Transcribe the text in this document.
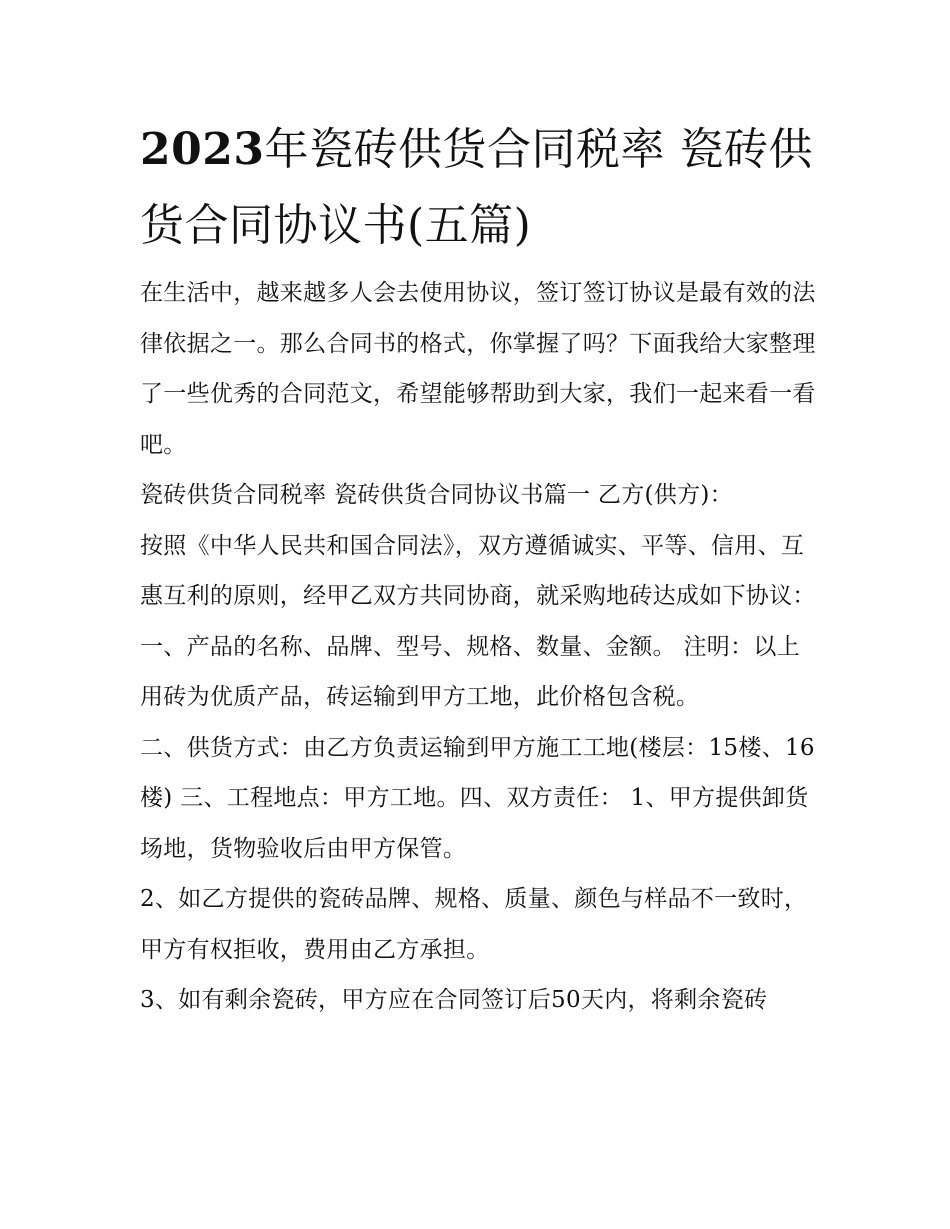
2023年瓷砖供货合同税率 瓷砖供货合同协议书(五篇)

在生活中，越来越多人会去使用协议，签订签订协议是最有效的法律依据之一。那么合同书的格式，你掌握了吗？下面我给大家整理了一些优秀的合同范文，希望能够帮助到大家，我们一起来看一看吧。

瓷砖供货合同税率 瓷砖供货合同协议书篇一 乙方(供方)：

按照《中华人民共和国合同法》，双方遵循诚实、平等、信用、互惠互利的原则，经甲乙双方共同协商，就采购地砖达成如下协议：

一、产品的名称、品牌、型号、规格、数量、金额。 注明：以上用砖为优质产品，砖运输到甲方工地，此价格包含税。

二、供货方式：由乙方负责运输到甲方施工工地(楼层：15楼、16楼) 三、工程地点：甲方工地。四、双方责任： 1、甲方提供卸货场地，货物验收后由甲方保管。

2、如乙方提供的瓷砖品牌、规格、质量、颜色与样品不一致时，甲方有权拒收，费用由乙方承担。

3、如有剩余瓷砖，甲方应在合同签订后50天内，将剩余瓷砖
